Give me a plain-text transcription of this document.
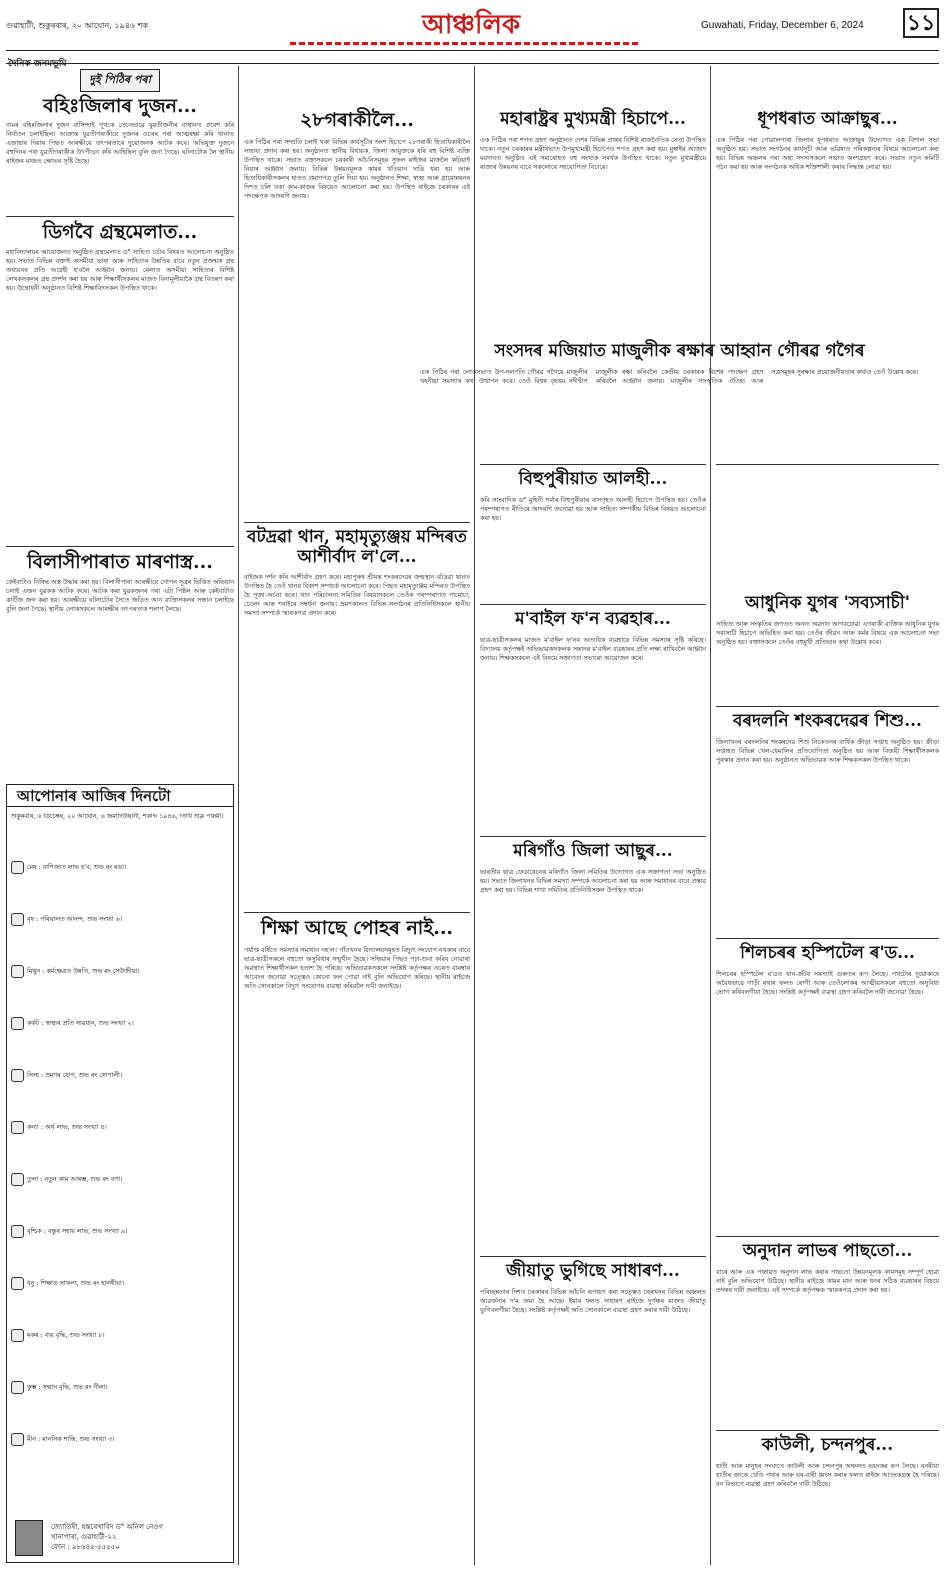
গুৱাহাটী, শুকুৰবাৰ, ২০ আঘোন, ১৯৪৬ শক	আঞ্চলিক	Guwahati, Friday, December 6, 2024 ১১
দৈনিক জনমভূমি
দুই পিঠিৰ পৰা
বহিঃজিলাৰ দুজন...
নামৰ বহিঃজিলাৰ দুজন বাসিন্দাই পূথকে তেনেভাৱে যুৱতীজনীৰ বাস্থানত প্ৰবেশ কৰি নিৰ্যাতন চলাইছিল। আক্ৰান্ত যুৱতীগৰাকীয়ে দুজনৰ ওচৰৰ পৰা আত্মৰক্ষা কৰি থানাত এজাহাৰ দিয়াৰ পিছত আৰক্ষীয়ে তৎপৰতাৰে দুয়োজনক আটক কৰে। অভিযুক্ত দুজনে বহুদিনৰ পৰা যুৱতীগৰাকীক উৎপীড়ন কৰি আহিছিল বুলি জনা গৈছে। ঘটনাটোক লৈ স্থানীয় ৰাইজৰ মাজত ক্ষোভৰ সৃষ্টি হৈছে।
ডিগবৈ গ্ৰন্থমেলাত...
মহাবিদ্যালয়ৰ আয়োজনত অনুষ্ঠিত গ্ৰন্থমেলাত ড° সাহিত্য চৰ্চাৰ বিষয়ত আলোচনা অনুষ্ঠিত হয়। সভাত বিভিন্ন বক্তাই অসমীয়া ভাষা আৰু সাহিত্যৰ উন্নতিৰ বাবে নতুন প্ৰজন্মক গ্ৰন্থ অধ্যয়নৰ প্ৰতি আগ্ৰহী হ'বলৈ আহ্বান জনায়। মেলাত অসমীয়া সাহিত্যৰ বিশিষ্ট লেখকসকলৰ গ্ৰন্থ প্ৰদৰ্শন কৰা হয় আৰু শিক্ষাৰ্থীসকলৰ মাজত বিনামূলীয়াকৈ গ্ৰন্থ বিতৰণ কৰা হয়। উদ্বোধনী অনুষ্ঠানত বিশিষ্ট শিক্ষাবিদসকল উপস্থিত থাকে।
বিলাসীপাৰাত মাৰণাস্ত্ৰ...
কেইবাটাও নিষিদ্ধ অস্ত্ৰ উদ্ধাৰ কৰা হয়। বিলাসীপাৰা আৰক্ষীয়ে গোপন সূত্ৰৰ ভিত্তিত অভিযান চলাই এজন যুৱকক আটক কৰে। আটক কৰা যুৱকজনৰ পৰা এটা পিষ্টল আৰু কেইবাটাও কাৰ্টিজ জব্দ কৰা হয়। আৰক্ষীয়ে ঘটনাটোৰ সৈতে জড়িত আন ব্যক্তিসকলৰ সন্ধান চলাইছে বুলি জনা গৈছে। স্থানীয় লোকসকলে আৰক্ষীৰ তৎপৰতাক শলাগ লৈছে।
আপোনাৰ আজিৰ দিনটো
শুকুৰবাৰ, ৬ ডিচেম্বৰ, ২০ আঘোন, ৬ জমাদিউছানী, শকাব্দ ১৯৪৬, তিথি শুক্ল পঞ্চমী।
মেষ : বাণিজ্যত লাভ হ'ব, শুভ ৰং ৰঙা।
বৃষ : পৰিয়ালত আনন্দ, শুভ সংখ্যা ৬।
মিথুন : কৰ্মক্ষেত্ৰত উন্নতি, শুভ ৰং সেউজীয়া।
কৰ্কট : স্বাস্থ্যৰ প্ৰতি সাৱধান, শুভ সংখ্যা ২।
সিংহ : ভ্ৰমণৰ যোগ, শুভ ৰং সোণালী।
কন্যা : অৰ্থ লাভ, শুভ সংখ্যা ৫।
তুলা : নতুন কাম আৰম্ভ, শুভ ৰং বগা।
বৃশ্চিক : বন্ধুৰ সহায় লাভ, শুভ সংখ্যা ৯।
ধনু : শিক্ষাত সাফল্য, শুভ ৰং হালধীয়া।
মকৰ : ব্যয় বৃদ্ধি, শুভ সংখ্যা ৮।
কুম্ভ : সন্মান বৃদ্ধি, শুভ ৰং নীলা।
মীন : মানসিক শান্তি, শুভ সংখ্যা ৩।
জ্যোতিষী, হস্তৰেখাবিদ ড° অনিল নেওগ
খানাপাৰা, গুৱাহাটী-২২
ফোন : ৯৮৬৪৫-৫৫৫৫০
২৮গৰাকীলৈ...
এক পিঠিৰ পৰা সম্প্ৰতি চলাই থকা বিভিন্ন কাৰ্যসূচীৰ অংশ হিচাপে ২৮গৰাকী হিতাধিকাৰীলৈ সাহায্য প্ৰদান কৰা হয়। অনুষ্ঠানত স্থানীয় বিধায়ক, জিলা আয়ুক্তকে ধৰি বহু বিশিষ্ট ব্যক্তি উপস্থিত থাকে। সভাত বক্তাসকলে চৰকাৰী আঁচনিসমূহৰ সুফল ৰাইজৰ মাজলৈ কঢ়িয়াই নিয়াৰ আহ্বান জনায়। বিভিন্ন উন্নয়নমূলক কামৰ খতিয়ান দাঙি ধৰা হয় আৰু হিতাধিকাৰীসকলৰ হাতত প্ৰমাণপত্ৰ তুলি দিয়া হয়। অনুষ্ঠানত শিক্ষা, স্বাস্থ্য আৰু গ্ৰামোন্নয়নৰ দিশত চলি থকা কাম-কাজৰ বিষয়েও আলোচনা কৰা হয়। উপস্থিত ৰাইজে চৰকাৰৰ এই পদক্ষেপক আদৰণি জনায়।
বটদ্ৰৱা থান, মহামৃত্যুঞ্জয় মন্দিৰত আশীৰ্বাদ ল'লে...
বাইজক দৰ্শন কৰি আশীৰ্বাদ গ্ৰহণ কৰে। মহাপুৰুষ শ্ৰীমন্ত শংকৰদেৱৰ জন্মস্থান বটদ্ৰৱা থানত উপস্থিত হৈ তেওঁ থানৰ বিকাশ সম্পৰ্কে আলোচনা কৰে। পিছত মহামৃত্যুঞ্জয় মন্দিৰত উপস্থিত হৈ পূজা-অৰ্চনা কৰে। থান পৰিচালনা সমিতিৰ বিষয়াসকলে তেওঁক পৰম্পৰাগত গামোচা, চেলেং আৰু শৰাইৰে সম্বৰ্ধনা জনায়। ভ্ৰমণকালত বিভিন্ন সংগঠনৰ প্ৰতিনিধিসকলে স্থানীয় সমস্যা সম্পৰ্কে স্মাৰকপত্ৰ প্ৰদান কৰে।
শিক্ষা আছে পোহৰ নাই...
পৰ্যাপ্ত বৰ্ষিতে সমস্যাৰ সমাধান নহ'ল। গাঁওখনৰ বিদ্যালয়সমূহত বিদ্যুৎ সংযোগ নথকাৰ বাবে ছাত্ৰ-ছাত্ৰীসকলে বহুতো অসুবিধাৰ সন্মুখীন হৈছে। সন্ধিয়াৰ পিছত পঢ়া-শুনা কৰিব নোৱাৰা অৱস্থাত শিক্ষাৰ্থীসকল হতাশ হৈ পৰিছে। অভিভাৱকসকলে সংশ্লিষ্ট কৰ্তৃপক্ষৰ ওচৰত বাৰম্বাৰ আবেদন জনোৱা সত্ত্বেও কোনো ফল পোৱা নাই বুলি অভিযোগ কৰিছে। স্থানীয় ৰাইজে অতি সোনকালে বিদ্যুৎ সংযোগৰ ব্যৱস্থা কৰিবলৈ দাবী জনাইছে।
মহাৰাষ্ট্ৰৰ মুখ্যমন্ত্ৰী হিচাপে...
এক পিঠিৰ পৰা শপত গ্ৰহণ অনুষ্ঠানত দেশৰ বিভিন্ন প্ৰান্তৰ বিশিষ্ট ৰাজনৈতিক নেতা উপস্থিত থাকে। নতুন চৰকাৰৰ মন্ত্ৰীসভাত উপমুখ্যমন্ত্ৰী হিচাপেও শপত গ্ৰহণ কৰা হয়। মুম্বাইৰ আজাদ ময়দানত অনুষ্ঠিত এই সমাৰোহত বহু সংখ্যক সমৰ্থক উপস্থিত থাকে। নতুন মুখ্যমন্ত্ৰীয়ে ৰাজ্যৰ উন্নয়নৰ বাবে সকলোৰে সহযোগিতা বিচাৰে।
সংসদৰ মজিয়াত মাজুলীক ৰক্ষাৰ আহ্বান গৌৰৱ গগৈৰ
এক পিঠিৰ পৰা লোকসভাত উপ-দলপতি গৌৰৱ গগৈয়ে মাজুলীৰ খহনীয়া সমস্যাৰ কথা উত্থাপন কৰে। তেওঁ বিশ্বৰ বৃহত্তম নদীদ্বীপ মাজুলীক ৰক্ষা কৰিবলৈ কেন্দ্ৰীয় চৰকাৰক বিশেষ পদক্ষেপ গ্ৰহণ কৰিবলৈ আহ্বান জনায়। মাজুলীৰ সাংস্কৃতিক ঐতিহ্য আৰু সত্ৰসমূহৰ সুৰক্ষাৰ প্ৰয়োজনীয়তাৰ কথাও তেওঁ উল্লেখ কৰে।
বিহুপুৰীয়াত আলহী...
কবি সাংবাদিক ড° মুহিনী শৰ্মাৰ বিহুপুৰীয়াৰ বাসগৃহত আলহী হিচাপে উপস্থিত হয়। তেওঁক পৰম্পৰাগত ৰীতিৰে আদৰণি জনোৱা হয় আৰু সাহিত্য সম্পৰ্কীয় বিভিন্ন বিষয়ত আলোচনা কৰা হয়।
ম'বাইল ফ'ন ব্যৱহাৰ...
ছাত্ৰ-ছাত্ৰীসকলৰ মাজত ম'বাইল ফ'নৰ অত্যধিক ব্যৱহাৰে বিভিন্ন সমস্যাৰ সৃষ্টি কৰিছে। বিদ্যালয় কৰ্তৃপক্ষই অভিভাৱকসকলক সন্তানৰ ম'বাইল ব্যৱহাৰৰ প্ৰতি লক্ষ্য ৰাখিবলৈ আহ্বান জনায়। শিক্ষকসকলে এই বিষয়ে সজাগতা সভাৰো আয়োজন কৰে।
মৰিগাঁও জিলা আছুৰ...
ভাৰতীয় ছাত্ৰ ফেডাৰেচনৰ মৰিগাঁও জিলা সমিতিৰ উদ্যোগত এক সজাগতা সভা অনুষ্ঠিত হয়। সভাত জিলাখনৰ বিভিন্ন সমস্যা সম্পৰ্কে আলোচনা কৰা হয় আৰু সমাধানৰ বাবে প্ৰস্তাৱ গ্ৰহণ কৰা হয়। বিভিন্ন শাখা সমিতিৰ প্ৰতিনিধিসকল উপস্থিত থাকে।
জীয়াতু ভুগিছে সাধাৰণ...
পৰিচ্ছন্নতাৰ দিশত চৰকাৰৰ বিভিন্ন আঁচনি ৰূপায়ণ কৰা সত্ত্বেও চহৰখনৰ বিভিন্ন অঞ্চলত আৱৰ্জনাৰ দ'ম জমা হৈ আছে। ইয়াৰ ফলত সাধাৰণ ৰাইজে দুৰ্গন্ধৰ মাজত জীয়াতু ভুগিবলগীয়া হৈছে। সংশ্লিষ্ট কৰ্তৃপক্ষই অতি সোনকালে ব্যৱস্থা গ্ৰহণ কৰাৰ দাবী উঠিছে।
ধূপধৰাত আক্ৰাছুৰ...
এক পিঠিৰ পৰা গোৱালপাৰা জিলাৰ ধূপধৰাত আক্ৰাছুৰ উদ্যোগত এক বিশাল সভা অনুষ্ঠিত হয়। সভাত সংগঠনৰ কাৰ্যসূচী আৰু ভৱিষ্যত পৰিকল্পনাৰ বিষয়ে আলোচনা কৰা হয়। বিভিন্ন অঞ্চলৰ পৰা অহা সদস্যসকলে সভাত অংশগ্ৰহণ কৰে। সভাত নতুন কমিটি গঠন কৰা হয় আৰু সংগঠনক অধিক শক্তিশালী কৰাৰ সিদ্ধান্ত লোৱা হয়।
আধুনিক যুগৰ 'সব্যসাচী'
সাহিত্য আৰু সংস্কৃতিৰ জগতত অনন্য অৱদান আগবঢ়োৱা এগৰাকী ব্যক্তিক আধুনিক যুগৰ সব্যসাচী হিচাপে অভিহিত কৰা হয়। তেওঁৰ জীৱন আৰু কৰ্মৰ বিষয়ে এক আলোচনা সভা অনুষ্ঠিত হয়। বক্তাসকলে তেওঁৰ বহুমুখী প্ৰতিভাৰ কথা উল্লেখ কৰে।
বৰদলনি শংকৰদেৱৰ শিশু...
জিলাখনৰ বৰদলনিৰ শংকৰদেৱ শিশু নিকেতনৰ বাৰ্ষিক ক্ৰীড়া সপ্তাহ অনুষ্ঠিত হয়। ক্ৰীড়া সপ্তাহত বিভিন্ন খেল-ধেমালিৰ প্ৰতিযোগিতা অনুষ্ঠিত হয় আৰু বিজয়ী শিক্ষাৰ্থীসকলক পুৰস্কাৰ প্ৰদান কৰা হয়। অনুষ্ঠানত অভিভাৱক আৰু শিক্ষকসকল উপস্থিত থাকে।
শিলচৰৰ হস্পিটেল ৰ'ড...
শিলচৰৰ হস্পিটেল ৰ'ডত যান-জঁটৰ সমস্যাই গুৰুতৰ ৰূপ লৈছে। পথটোৰ দুয়োকাষে অবৈধভাৱে গাড়ী ৰখাৰ ফলত ৰোগী আৰু তেওঁলোকৰ আত্মীয়সকলে বহুতো অসুবিধা ভোগ কৰিবলগীয়া হৈছে। সংশ্লিষ্ট কৰ্তৃপক্ষই ব্যৱস্থা গ্ৰহণ কৰিবলৈ দাবী জনোৱা হৈছে।
অনুদান লাভৰ পাছতো...
বাৰে আৰু এক পঞ্চায়ত অনুদান লাভ কৰাৰ পাছতো উন্নয়নমূলক কামসমূহ সম্পূৰ্ণ হোৱা নাই বুলি অভিযোগ উঠিছে। স্থানীয় ৰাইজে কামৰ মান আৰু ধনৰ সঠিক ব্যৱহাৰৰ বিষয়ে তদন্তৰ দাবী জনাইছে। এই সম্পৰ্কে কৰ্তৃপক্ষক স্মাৰকপত্ৰ প্ৰদান কৰা হয়।
কাউলী, চন্দনপুৰ...
হাতী আৰু মানুহৰ সংঘাতে কাউলী আৰু চন্দনপুৰ অঞ্চলত ভয়ংকৰ ৰূপ লৈছে। বনৰীয়া হাতীৰ জাকে খেতি পথাৰ আৰু ঘৰ-বাৰী ধ্বংস কৰাৰ ফলত ৰাইজ আতংকগ্ৰস্ত হৈ পৰিছে। বন বিভাগে ব্যৱস্থা গ্ৰহণ কৰিবলৈ দাবী উঠিছে।
